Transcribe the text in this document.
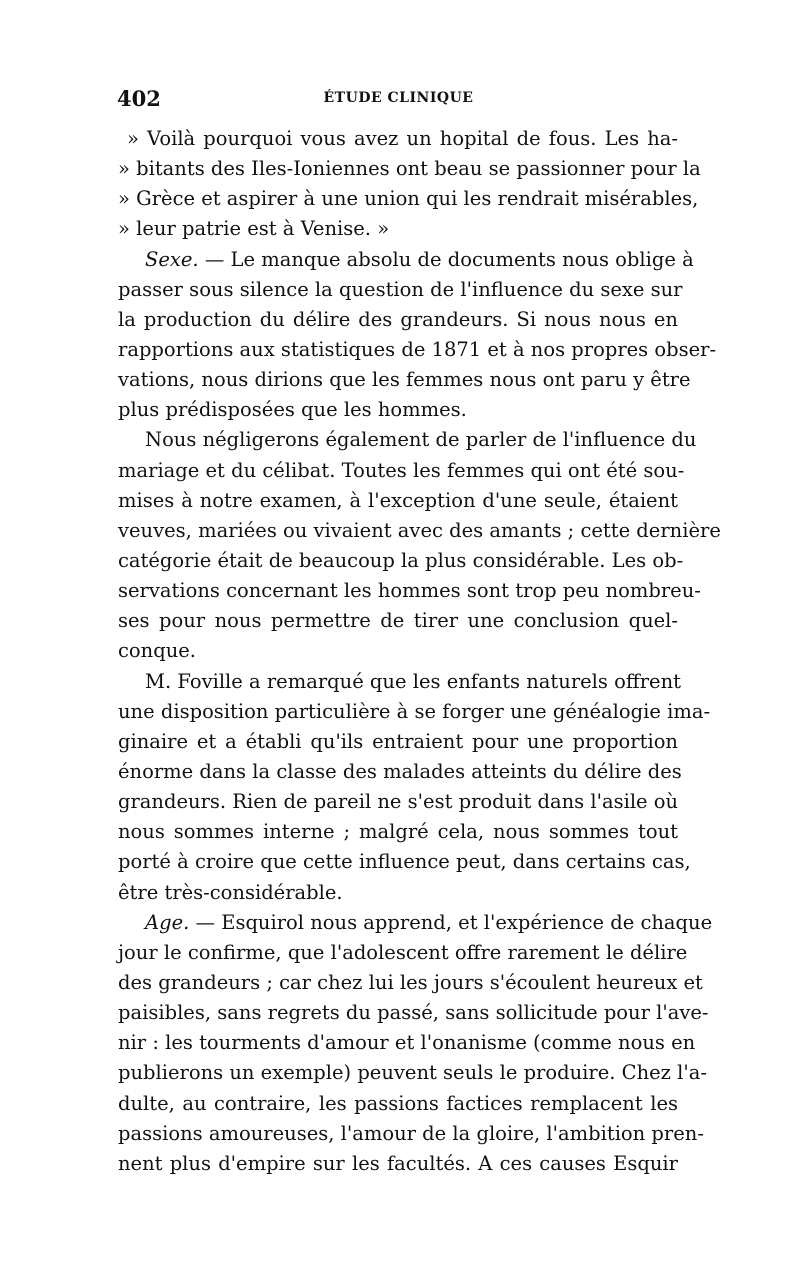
402	ÉTUDE CLINIQUE
» Voilà pourquoi vous avez un hopital de fous. Les ha-
» bitants des Iles-Ioniennes ont beau se passionner pour la
» Grèce et aspirer à une union qui les rendrait misérables,
» leur patrie est à Venise. »
Sexe. — Le manque absolu de documents nous oblige à
passer sous silence la question de l'influence du sexe sur
la production du délire des grandeurs. Si nous nous en
rapportions aux statistiques de 1871 et à nos propres obser-
vations, nous dirions que les femmes nous ont paru y être
plus prédisposées que les hommes.
Nous négligerons également de parler de l'influence du
mariage et du célibat. Toutes les femmes qui ont été sou-
mises à notre examen, à l'exception d'une seule, étaient
veuves, mariées ou vivaient avec des amants ; cette dernière
catégorie était de beaucoup la plus considérable. Les ob-
servations concernant les hommes sont trop peu nombreu-
ses pour nous permettre de tirer une conclusion quel-
conque.
M. Foville a remarqué que les enfants naturels offrent
une disposition particulière à se forger une généalogie ima-
ginaire et a établi qu'ils entraient pour une proportion
énorme dans la classe des malades atteints du délire des
grandeurs. Rien de pareil ne s'est produit dans l'asile où
nous sommes interne ; malgré cela, nous sommes tout
porté à croire que cette influence peut, dans certains cas,
être très-considérable.
Age. — Esquirol nous apprend, et l'expérience de chaque
jour le confirme, que l'adolescent offre rarement le délire
des grandeurs ; car chez lui les jours s'écoulent heureux et
paisibles, sans regrets du passé, sans sollicitude pour l'ave-
nir : les tourments d'amour et l'onanisme (comme nous en
publierons un exemple) peuvent seuls le produire. Chez l'a-
dulte, au contraire, les passions factices remplacent les
passions amoureuses, l'amour de la gloire, l'ambition pren-
nent plus d'empire sur les facultés. A ces causes Esquir
